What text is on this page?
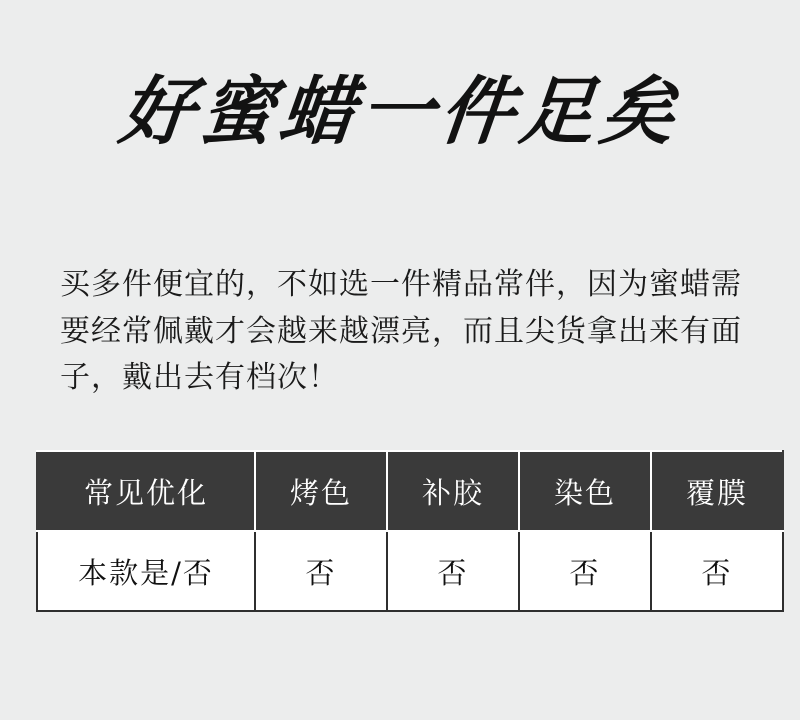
好蜜蜡一件足矣
买多件便宜的，不如选一件精品常伴，因为蜜蜡需要经常佩戴才会越来越漂亮，而且尖货拿出来有面子，戴出去有档次！
常见优化	烤色	补胶	染色	覆膜
本款是/否	否	否	否	否
